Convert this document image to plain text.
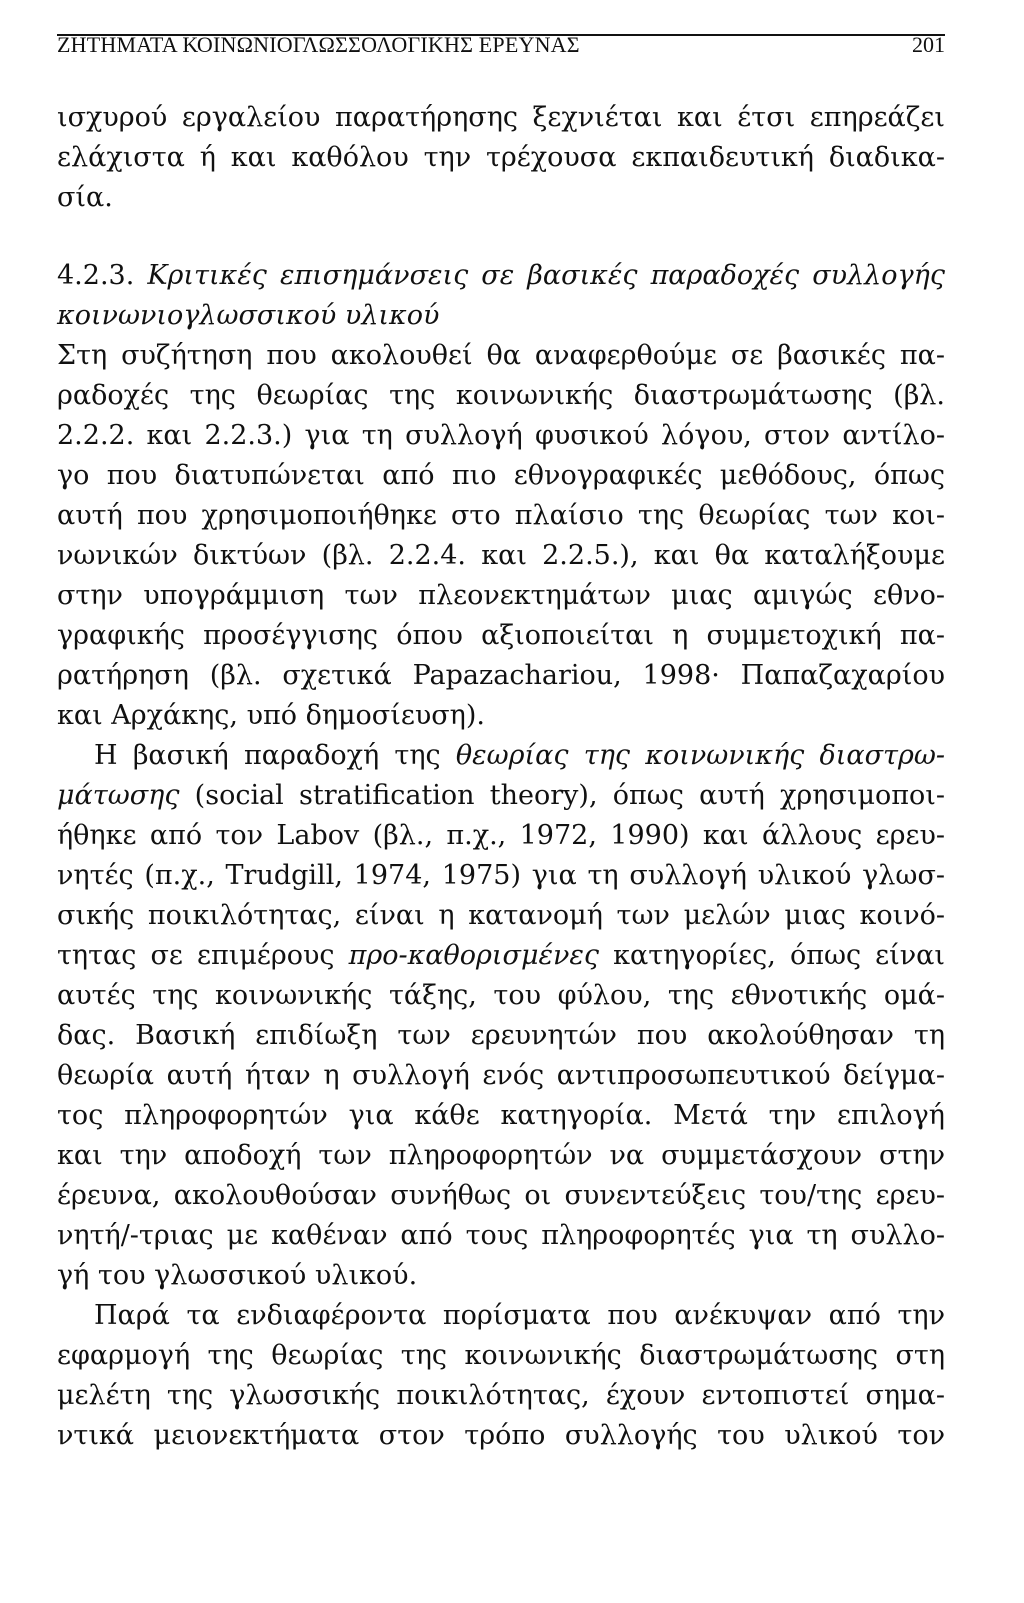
ΖΗΤΗΜΑΤΑ ΚΟΙΝΩΝΙΟΓΛΩΣΣΟΛΟΓΙΚΗΣ ΕΡΕΥΝΑΣ	201
ισχυρού εργαλείου παρατήρησης ξεχνιέται και έτσι επηρεάζει
ελάχιστα ή και καθόλου την τρέχουσα εκπαιδευτική διαδικα-
σία.
4.2.3. Κριτικές επισημάνσεις σε βασικές παραδοχές συλλογής
κοινωνιογλωσσικού υλικού
Στη συζήτηση που ακολουθεί θα αναφερθούμε σε βασικές πα-
ραδοχές της θεωρίας της κοινωνικής διαστρωμάτωσης (βλ.
2.2.2. και 2.2.3.) για τη συλλογή φυσικού λόγου, στον αντίλο-
γο που διατυπώνεται από πιο εθνογραφικές μεθόδους, όπως
αυτή που χρησιμοποιήθηκε στο πλαίσιο της θεωρίας των κοι-
νωνικών δικτύων (βλ. 2.2.4. και 2.2.5.), και θα καταλήξουμε
στην υπογράμμιση των πλεονεκτημάτων μιας αμιγώς εθνο-
γραφικής προσέγγισης όπου αξιοποιείται η συμμετοχική πα-
ρατήρηση (βλ. σχετικά Papazachariou, 1998· Παπαζαχαρίου
και Αρχάκης, υπό δημοσίευση).
Η βασική παραδοχή της θεωρίας της κοινωνικής διαστρω-
μάτωσης (social stratification theory), όπως αυτή χρησιμοποι-
ήθηκε από τον Labov (βλ., π.χ., 1972, 1990) και άλλους ερευ-
νητές (π.χ., Trudgill, 1974, 1975) για τη συλλογή υλικού γλωσ-
σικής ποικιλότητας, είναι η κατανομή των μελών μιας κοινό-
τητας σε επιμέρους προ-καθορισμένες κατηγορίες, όπως είναι
αυτές της κοινωνικής τάξης, του φύλου, της εθνοτικής ομά-
δας. Βασική επιδίωξη των ερευνητών που ακολούθησαν τη
θεωρία αυτή ήταν η συλλογή ενός αντιπροσωπευτικού δείγμα-
τος πληροφορητών για κάθε κατηγορία. Μετά την επιλογή
και την αποδοχή των πληροφορητών να συμμετάσχουν στην
έρευνα, ακολουθούσαν συνήθως οι συνεντεύξεις του/της ερευ-
νητή/-τριας με καθέναν από τους πληροφορητές για τη συλλο-
γή του γλωσσικού υλικού.
Παρά τα ενδιαφέροντα πορίσματα που ανέκυψαν από την
εφαρμογή της θεωρίας της κοινωνικής διαστρωμάτωσης στη
μελέτη της γλωσσικής ποικιλότητας, έχουν εντοπιστεί σημα-
ντικά μειονεκτήματα στον τρόπο συλλογής του υλικού τον
